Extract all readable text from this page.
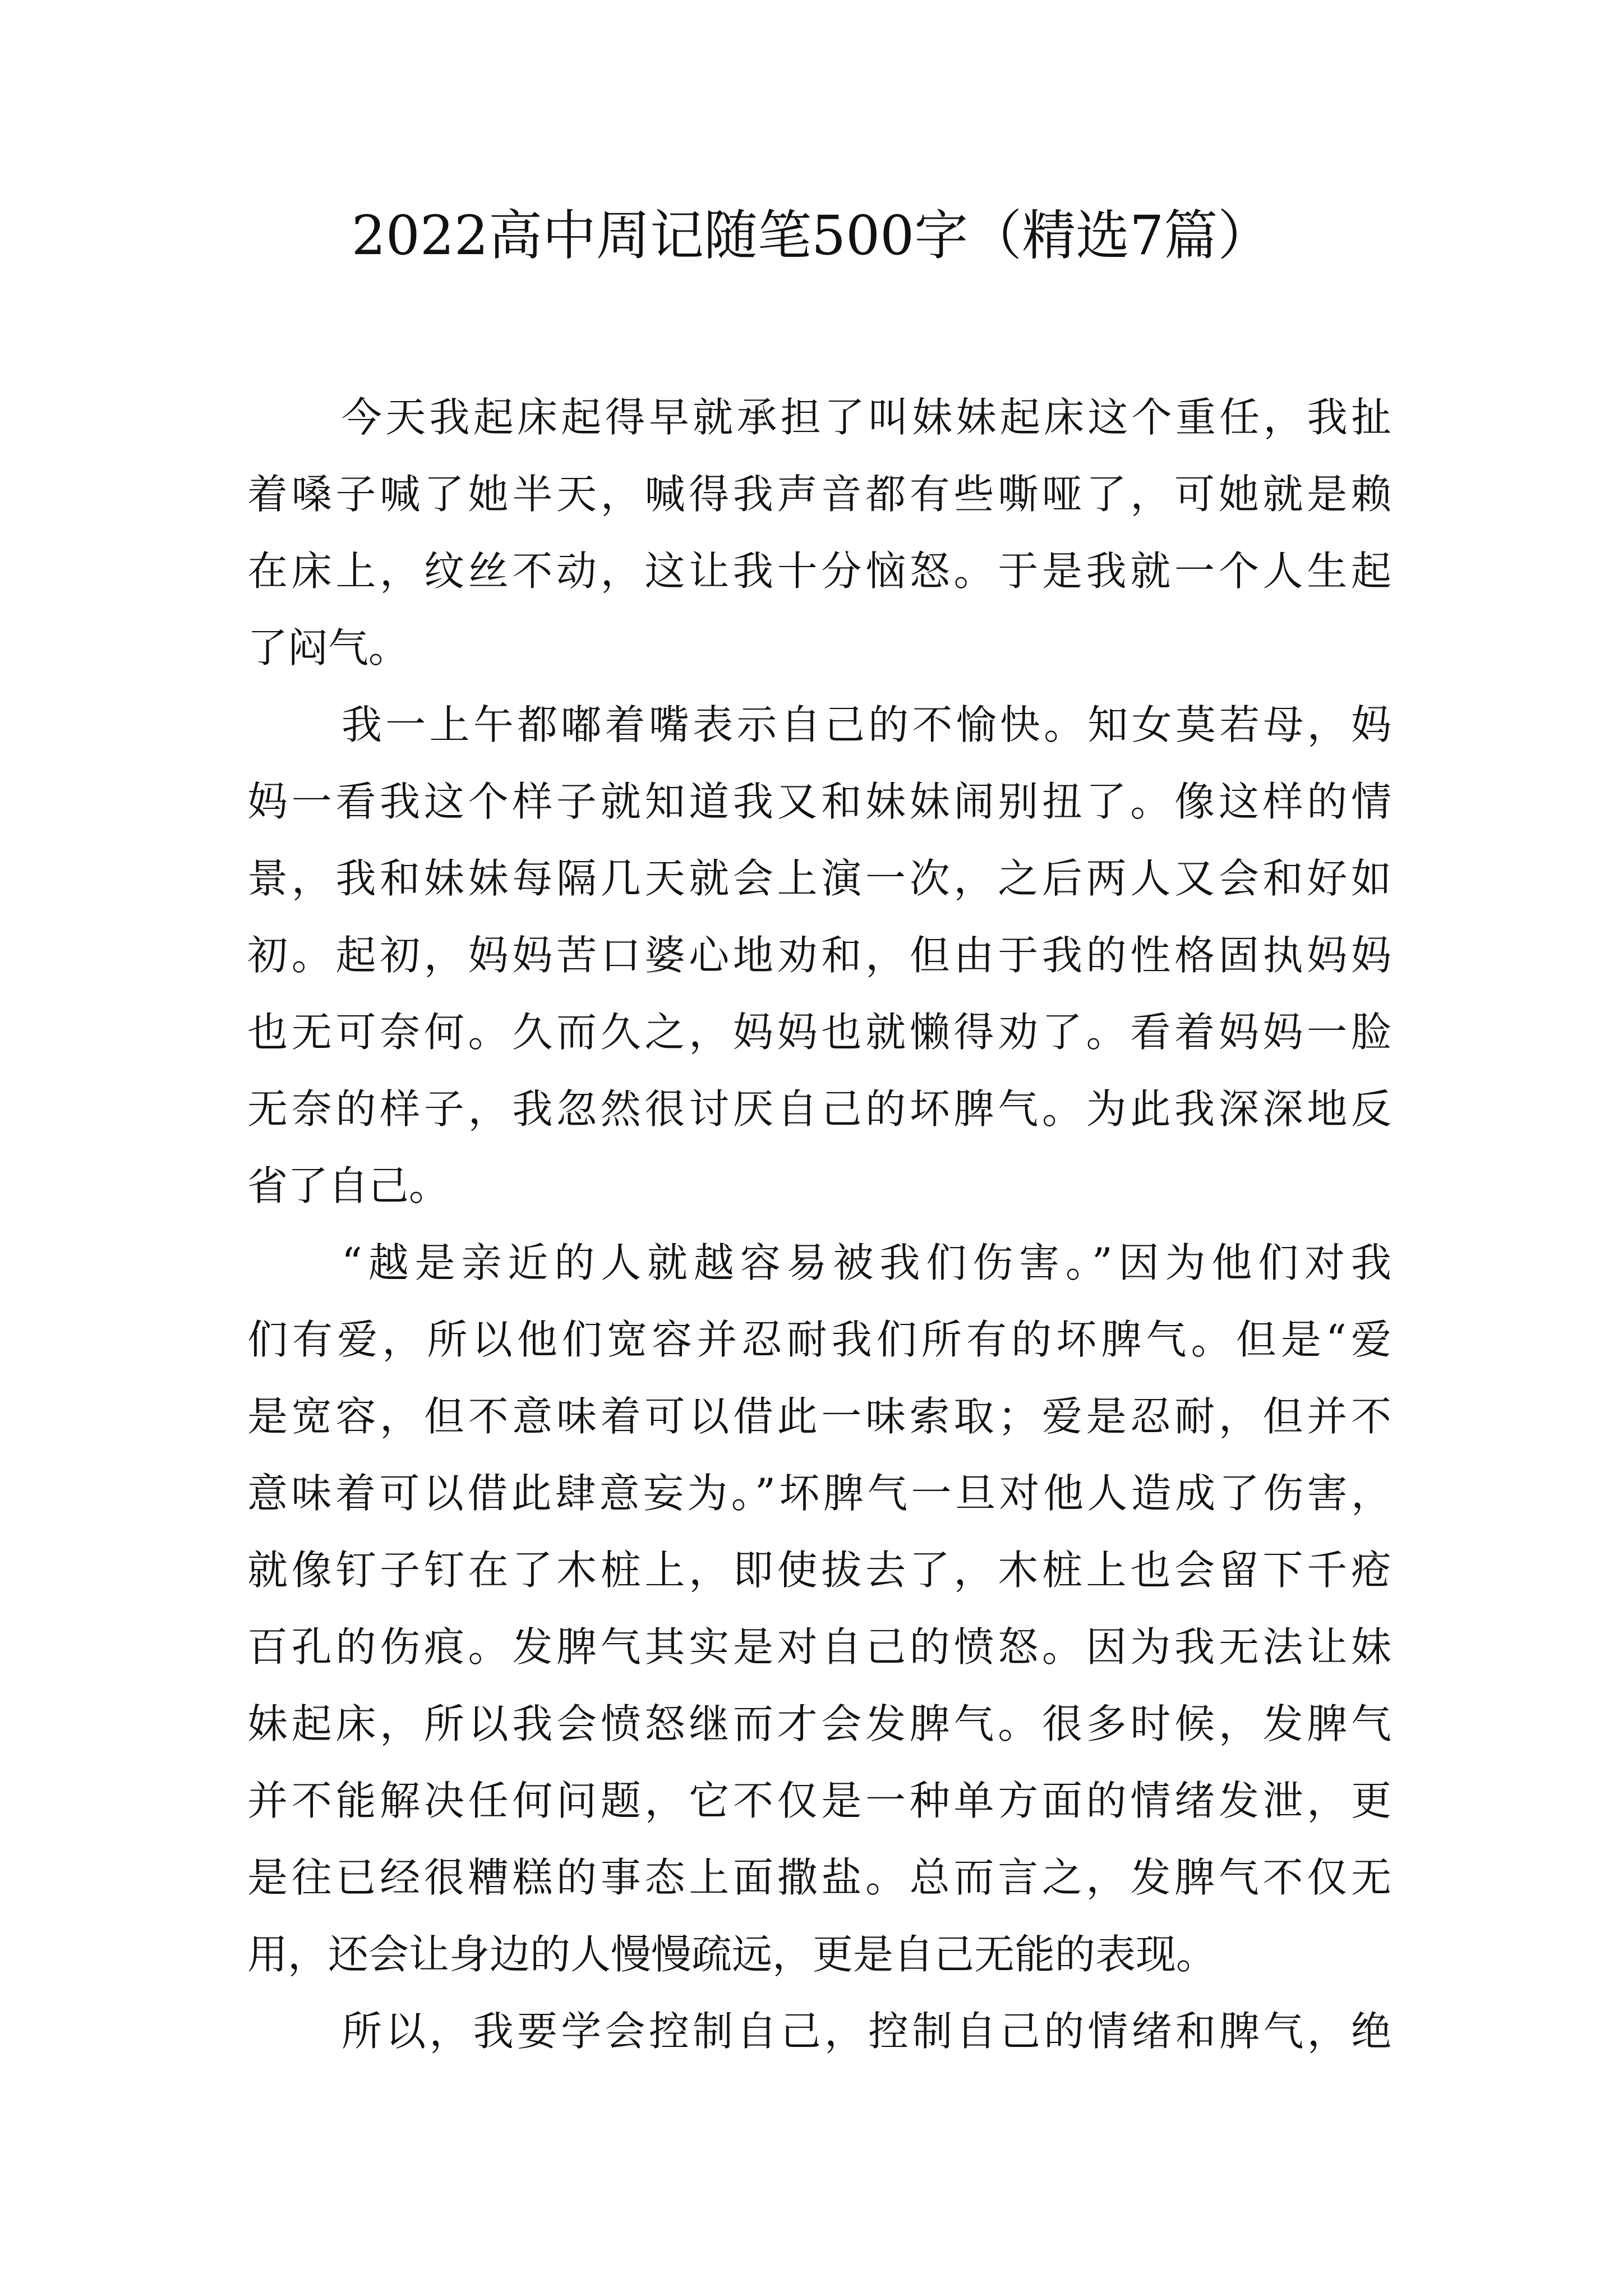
2022高中周记随笔500字（精选7篇）
今天我起床起得早就承担了叫妹妹起床这个重任，我扯
着嗓子喊了她半天，喊得我声音都有些嘶哑了，可她就是赖
在床上，纹丝不动，这让我十分恼怒。于是我就一个人生起
了闷气。
我一上午都嘟着嘴表示自己的不愉快。知女莫若母，妈
妈一看我这个样子就知道我又和妹妹闹别扭了。像这样的情
景，我和妹妹每隔几天就会上演一次，之后两人又会和好如
初。起初，妈妈苦口婆心地劝和，但由于我的性格固执妈妈
也无可奈何。久而久之，妈妈也就懒得劝了。看着妈妈一脸
无奈的样子，我忽然很讨厌自己的坏脾气。为此我深深地反
省了自己。
“越是亲近的人就越容易被我们伤害。”因为他们对我
们有爱，所以他们宽容并忍耐我们所有的坏脾气。但是“爱
是宽容，但不意味着可以借此一味索取；爱是忍耐，但并不
意味着可以借此肆意妄为。”坏脾气一旦对他人造成了伤害，
就像钉子钉在了木桩上，即使拔去了，木桩上也会留下千疮
百孔的伤痕。发脾气其实是对自己的愤怒。因为我无法让妹
妹起床，所以我会愤怒继而才会发脾气。很多时候，发脾气
并不能解决任何问题，它不仅是一种单方面的情绪发泄，更
是往已经很糟糕的事态上面撒盐。总而言之，发脾气不仅无
用，还会让身边的人慢慢疏远，更是自己无能的表现。
所以，我要学会控制自己，控制自己的情绪和脾气，绝
